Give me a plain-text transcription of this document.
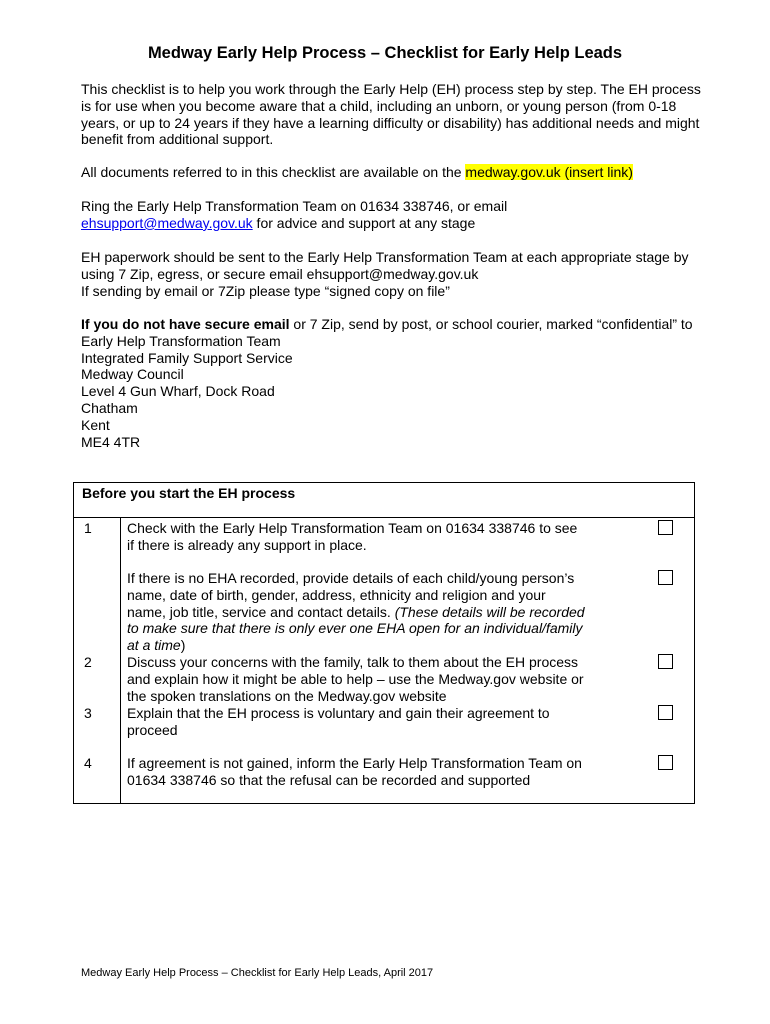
Medway Early Help Process – Checklist for Early Help Leads

This checklist is to help you work through the Early Help (EH) process step by step. The EH process is for use when you become aware that a child, including an unborn, or young person (from 0-18 years, or up to 24 years if they have a learning difficulty or disability) has additional needs and might benefit from additional support.

All documents referred to in this checklist are available on the medway.gov.uk (insert link)

Ring the Early Help Transformation Team on 01634 338746, or email

ehsupport@medway.gov.uk for advice and support at any stage

EH paperwork should be sent to the Early Help Transformation Team at each appropriate stage by using 7 Zip, egress, or secure email ehsupport@medway.gov.uk

If sending by email or 7Zip please type “signed copy on file”

If you do not have secure email or 7 Zip, send by post, or school courier, marked “confidential” to

Early Help Transformation Team

Integrated Family Support Service

Medway Council

Level 4 Gun Wharf, Dock Road

Chatham

Kent

ME4 4TR

Before you start the EH process
1	Check with the Early Help Transformation Team on 01634 338746 to see if there is already any support in place.
If there is no EHA recorded, provide details of each child/young person’s name, date of birth, gender, address, ethnicity and religion and your name, job title, service and contact details. (These details will be recorded to make sure that there is only ever one EHA open for an individual/family at a time)
2	Discuss your concerns with the family, talk to them about the EH process and explain how it might be able to help – use the Medway.gov website or the spoken translations on the Medway.gov website
3	Explain that the EH process is voluntary and gain their agreement to proceed
4	If agreement is not gained, inform the Early Help Transformation Team on 01634 338746 so that the refusal can be recorded and supported
Medway Early Help Process – Checklist for Early Help Leads, April 2017
